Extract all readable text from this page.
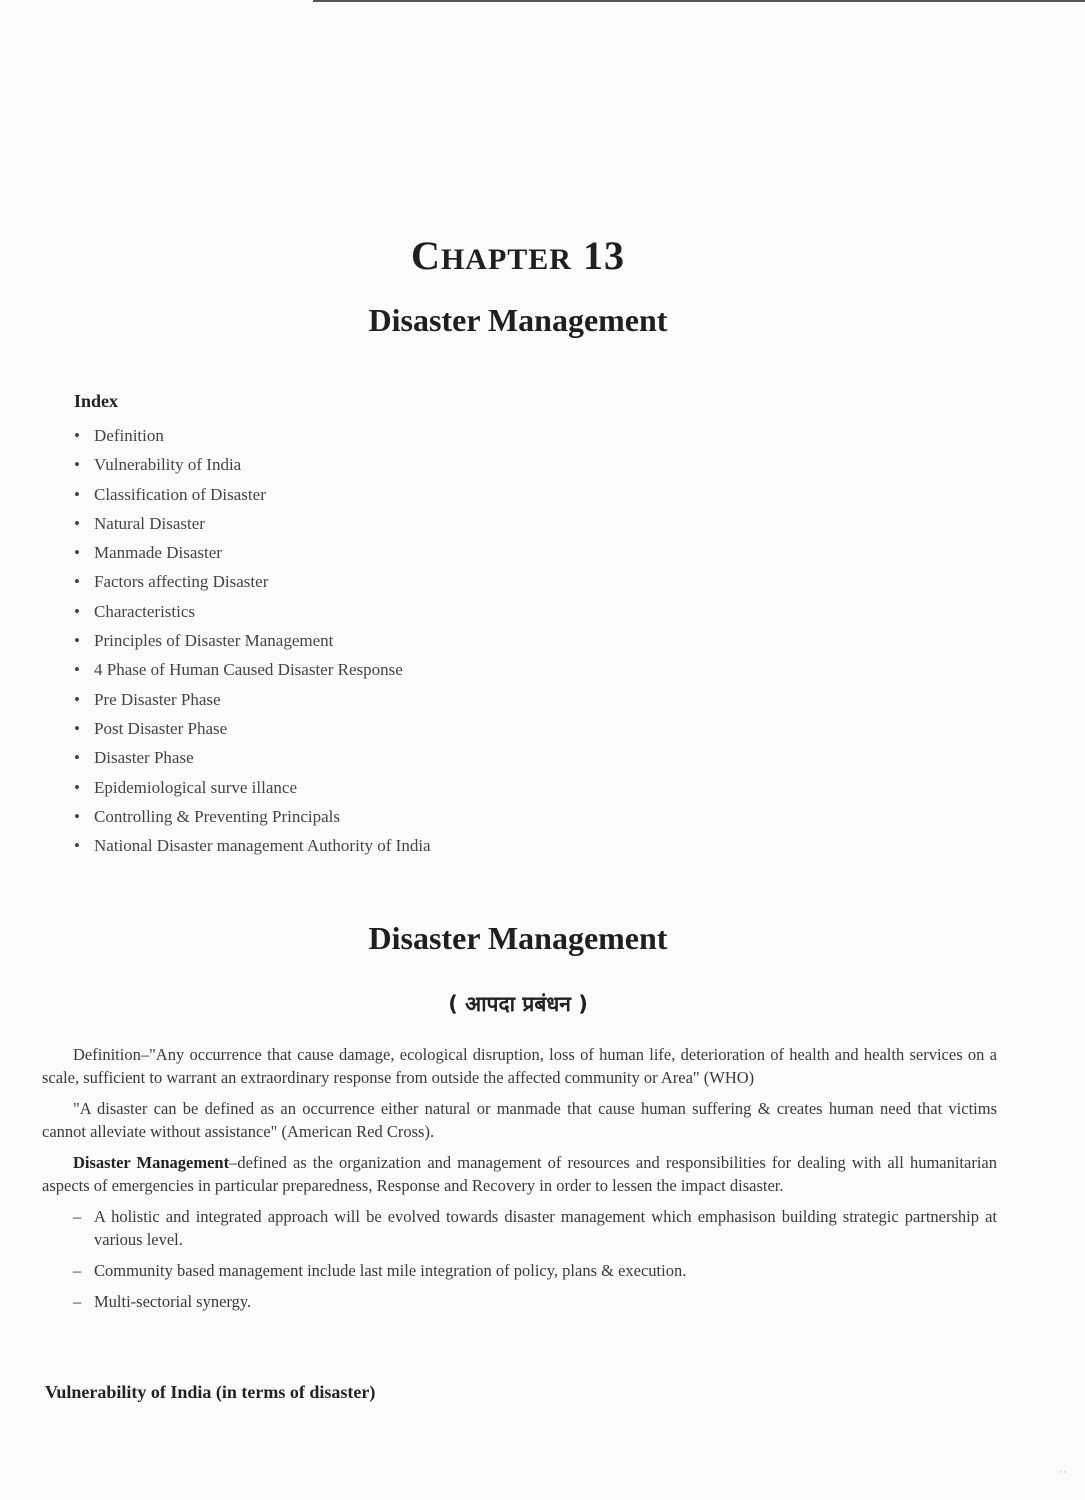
CHAPTER 13
Disaster Management
Index
• Definition
• Vulnerability of India
• Classification of Disaster
• Natural Disaster
• Manmade Disaster
• Factors affecting Disaster
• Characteristics
• Principles of Disaster Management
• 4 Phase of Human Caused Disaster Response
• Pre Disaster Phase
• Post Disaster Phase
• Disaster Phase
• Epidemiological surve illance
• Controlling & Preventing Principals
• National Disaster management Authority of India
Disaster Management
( आपदा प्रबंधन )

Definition–"Any occurrence that cause damage, ecological disruption, loss of human life, deterioration of health and health services on a scale, sufficient to warrant an extraordinary response from outside the affected community or Area" (WHO)

"A disaster can be defined as an occurrence either natural or manmade that cause human suffering & creates human need that victims cannot alleviate without assistance" (American Red Cross).

Disaster Management–defined as the organization and management of resources and responsibilities for dealing with all humanitarian aspects of emergencies in particular preparedness, Response and Recovery in order to lessen the impact disaster.

– A holistic and integrated approach will be evolved towards disaster management which emphasison building strategic partnership at various level.
– Community based management include last mile integration of policy, plans & execution.
– Multi-sectorial synergy.
Vulnerability of India (in terms of disaster)
˙˙
